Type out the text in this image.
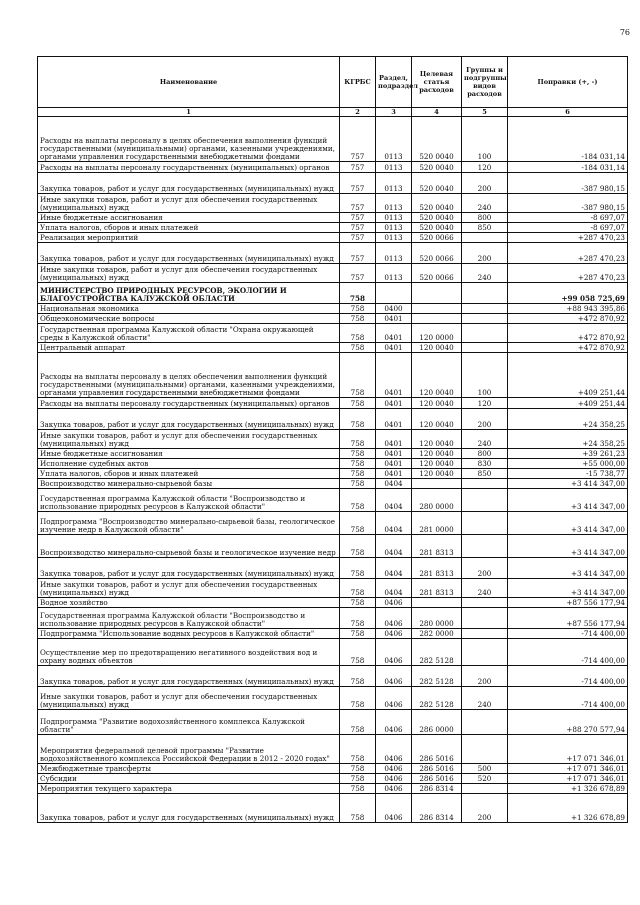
76
Наименование	КГРБС	Раздел, подраздел	Целевая статья расходов	Группы и подгруппы видов расходов	Поправки (+, -)
1	2	3	4	5	6
Расходы на выплаты персоналу в целях обеспечения выполнения функций государственными (муниципальными) органами, казенными учреждениями, органами управления государственными внебюджетными фондами	757	0113	520 0040	100	-184 031,14
Расходы на выплаты персоналу государственных (муниципальных) органов	757	0113	520 0040	120	-184 031,14
Закупка товаров, работ и услуг для государственных (муниципальных) нужд	757	0113	520 0040	200	-387 980,15
Иные закупки товаров, работ и услуг для обеспечения государственных (муниципальных) нужд	757	0113	520 0040	240	-387 980,15
Иные бюджетные ассигнования	757	0113	520 0040	800	-8 697,07
Уплата налогов, сборов и иных платежей	757	0113	520 0040	850	-8 697,07
Реализация мероприятий	757	0113	520 0066		+287 470,23
Закупка товаров, работ и услуг для государственных (муниципальных) нужд	757	0113	520 0066	200	+287 470,23
Иные закупки товаров, работ и услуг для обеспечения государственных (муниципальных) нужд	757	0113	520 0066	240	+287 470,23
МИНИСТЕРСТВО ПРИРОДНЫХ РЕСУРСОВ, ЭКОЛОГИИ И БЛАГОУСТРОЙСТВА КАЛУЖСКОЙ ОБЛАСТИ	758				+99 058 725,69
Национальная экономика	758	0400			+88 943 395,86
Общеэкономические вопросы	758	0401			+472 870,92
Государственная программа Калужской области "Охрана окружающей среды в Калужской области"	758	0401	120 0000		+472 870,92
Центральный аппарат	758	0401	120 0040		+472 870,92
Расходы на выплаты персоналу в целях обеспечения выполнения функций государственными (муниципальными) органами, казенными учреждениями, органами управления государственными внебюджетными фондами	758	0401	120 0040	100	+409 251,44
Расходы на выплаты персоналу государственных (муниципальных) органов	758	0401	120 0040	120	+409 251,44
Закупка товаров, работ и услуг для государственных (муниципальных) нужд	758	0401	120 0040	200	+24 358,25
Иные закупки товаров, работ и услуг для обеспечения государственных (муниципальных) нужд	758	0401	120 0040	240	+24 358,25
Иные бюджетные ассигнования	758	0401	120 0040	800	+39 261,23
Исполнение судебных актов	758	0401	120 0040	830	+55 000,00
Уплата налогов, сборов и иных платежей	758	0401	120 0040	850	-15 738,77
Воспроизводство минерально-сырьевой базы	758	0404			+3 414 347,00
Государственная программа Калужской области "Воспроизводство и использование природных ресурсов в Калужской области"	758	0404	280 0000		+3 414 347,00
Подпрограмма "Воспроизводство минерально-сырьевой базы, геологическое изучение недр в Калужской области"	758	0404	281 0000		+3 414 347,00
Воспроизводство минерально-сырьевой базы и геологическое изучение недр	758	0404	281 8313		+3 414 347,00
Закупка товаров, работ и услуг для государственных (муниципальных) нужд	758	0404	281 8313	200	+3 414 347,00
Иные закупки товаров, работ и услуг для обеспечения государственных (муниципальных) нужд	758	0404	281 8313	240	+3 414 347,00
Водное хозяйство	758	0406			+87 556 177,94
Государственная программа Калужской области "Воспроизводство и использование природных ресурсов в Калужской области"	758	0406	280 0000		+87 556 177,94
Подпрограмма "Использование водных ресурсов в Калужской области"	758	0406	282 0000		-714 400,00
Осуществление мер по предотвращению негативного воздействия вод и охрану водных объектов	758	0406	282 5128		-714 400,00
Закупка товаров, работ и услуг для государственных (муниципальных) нужд	758	0406	282 5128	200	-714 400,00
Иные закупки товаров, работ и услуг для обеспечения государственных (муниципальных) нужд	758	0406	282 5128	240	-714 400,00
Подпрограмма "Развитие водохозяйственного комплекса Калужской области"	758	0406	286 0000		+88 270 577,94
Мероприятия федеральной целевой программы "Развитие водохозяйственного комплекса Российской Федерации в 2012 - 2020 годах"	758	0406	286 5016		+17 071 346,01
Межбюджетные трансферты	758	0406	286 5016	500	+17 071 346,01
Субсидии	758	0406	286 5016	520	+17 071 346,01
Мероприятия текущего характера	758	0406	286 8314		+1 326 678,89
Закупка товаров, работ и услуг для государственных (муниципальных) нужд	758	0406	286 8314	200	+1 326 678,89
